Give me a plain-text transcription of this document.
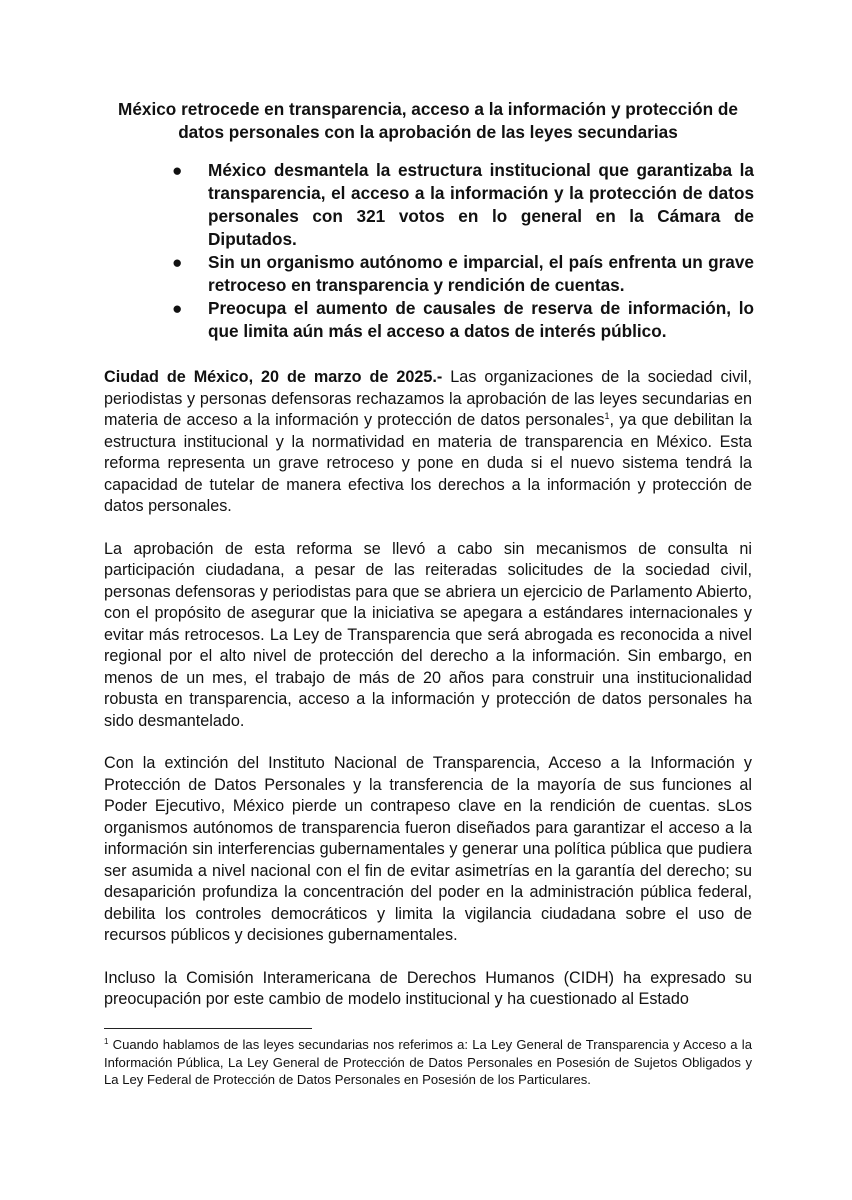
México retrocede en transparencia, acceso a la información y protección de datos personales con la aprobación de las leyes secundarias
● México desmantela la estructura institucional que garantizaba la transparencia, el acceso a la información y la protección de datos personales con 321 votos en lo general en la Cámara de Diputados.
● Sin un organismo autónomo e imparcial, el país enfrenta un grave retroceso en transparencia y rendición de cuentas.
● Preocupa el aumento de causales de reserva de información, lo que limita aún más el acceso a datos de interés público.

Ciudad de México, 20 de marzo de 2025.- Las organizaciones de la sociedad civil, periodistas y personas defensoras rechazamos la aprobación de las leyes secundarias en materia de acceso a la información y protección de datos personales$^1$, ya que debilitan la estructura institucional y la normatividad en materia de transparencia en México. Esta reforma representa un grave retroceso y pone en duda si el nuevo sistema tendrá la capacidad de tutelar de manera efectiva los derechos a la información y protección de datos personales.

La aprobación de esta reforma se llevó a cabo sin mecanismos de consulta ni participación ciudadana, a pesar de las reiteradas solicitudes de la sociedad civil, personas defensoras y periodistas para que se abriera un ejercicio de Parlamento Abierto, con el propósito de asegurar que la iniciativa se apegara a estándares internacionales y evitar más retrocesos. La Ley de Transparencia que será abrogada es reconocida a nivel regional por el alto nivel de protección del derecho a la información. Sin embargo, en menos de un mes, el trabajo de más de 20 años para construir una institucionalidad robusta en transparencia, acceso a la información y protección de datos personales ha sido desmantelado.

Con la extinción del Instituto Nacional de Transparencia, Acceso a la Información y Protección de Datos Personales y la transferencia de la mayoría de sus funciones al Poder Ejecutivo, México pierde un contrapeso clave en la rendición de cuentas. sLos organismos autónomos de transparencia fueron diseñados para garantizar el acceso a la información sin interferencias gubernamentales y generar una política pública que pudiera ser asumida a nivel nacional con el fin de evitar asimetrías en la garantía del derecho; su desaparición profundiza la concentración del poder en la administración pública federal, debilita los controles democráticos y limita la vigilancia ciudadana sobre el uso de recursos públicos y decisiones gubernamentales.

Incluso la Comisión Interamericana de Derechos Humanos (CIDH) ha expresado su preocupación por este cambio de modelo institucional y ha cuestionado al Estado

$^1$ Cuando hablamos de las leyes secundarias nos referimos a: La Ley General de Transparencia y Acceso a la Información Pública, La Ley General de Protección de Datos Personales en Posesión de Sujetos Obligados y La Ley Federal de Protección de Datos Personales en Posesión de los Particulares.
